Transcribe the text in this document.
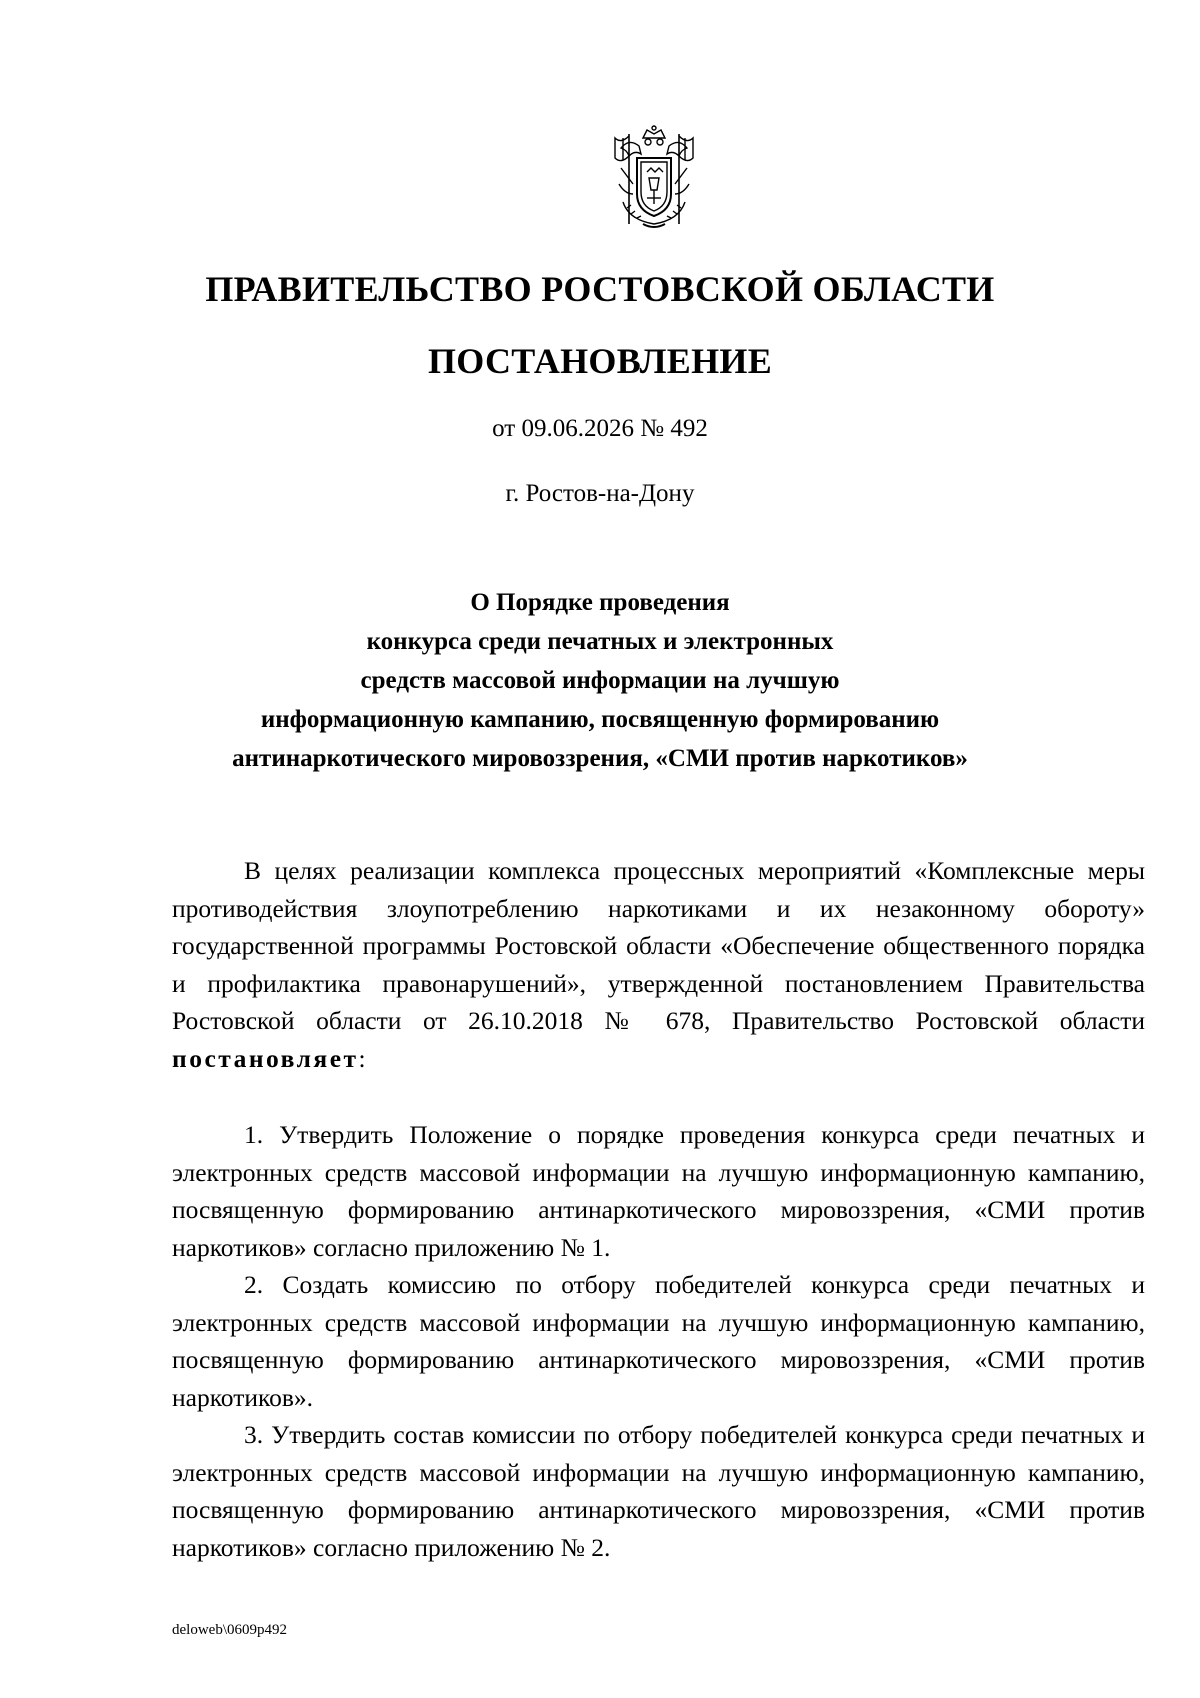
ПРАВИТЕЛЬСТВО РОСТОВСКОЙ ОБЛАСТИ
ПОСТАНОВЛЕНИЕ
от 09.06.2026 № 492
г. Ростов-на-Дону
О Порядке проведения
конкурса среди печатных и электронных
средств массовой информации на лучшую
информационную кампанию, посвященную формированию
антинаркотического мировоззрения, «СМИ против наркотиков»

В целях реализации комплекса процессных мероприятий «Комплексные меры противодействия злоупотреблению наркотиками и их незаконному обороту» государственной программы Ростовской области «Обеспечение общественного порядка и профилактика правонарушений», утвержденной постановлением Правительства Ростовской области от 26.10.2018 № 678, Правительство Ростовской области постановляет:

1. Утвердить Положение о порядке проведения конкурса среди печатных и электронных средств массовой информации на лучшую информационную кампанию, посвященную формированию антинаркотического мировоззрения, «СМИ против наркотиков» согласно приложению № 1.

2. Создать комиссию по отбору победителей конкурса среди печатных и электронных средств массовой информации на лучшую информационную кампанию, посвященную формированию антинаркотического мировоззрения, «СМИ против наркотиков».

3. Утвердить состав комиссии по отбору победителей конкурса среди печатных и электронных средств массовой информации на лучшую информационную кампанию, посвященную формированию антинаркотического мировоззрения, «СМИ против наркотиков» согласно приложению № 2.

deloweb\0609p492
